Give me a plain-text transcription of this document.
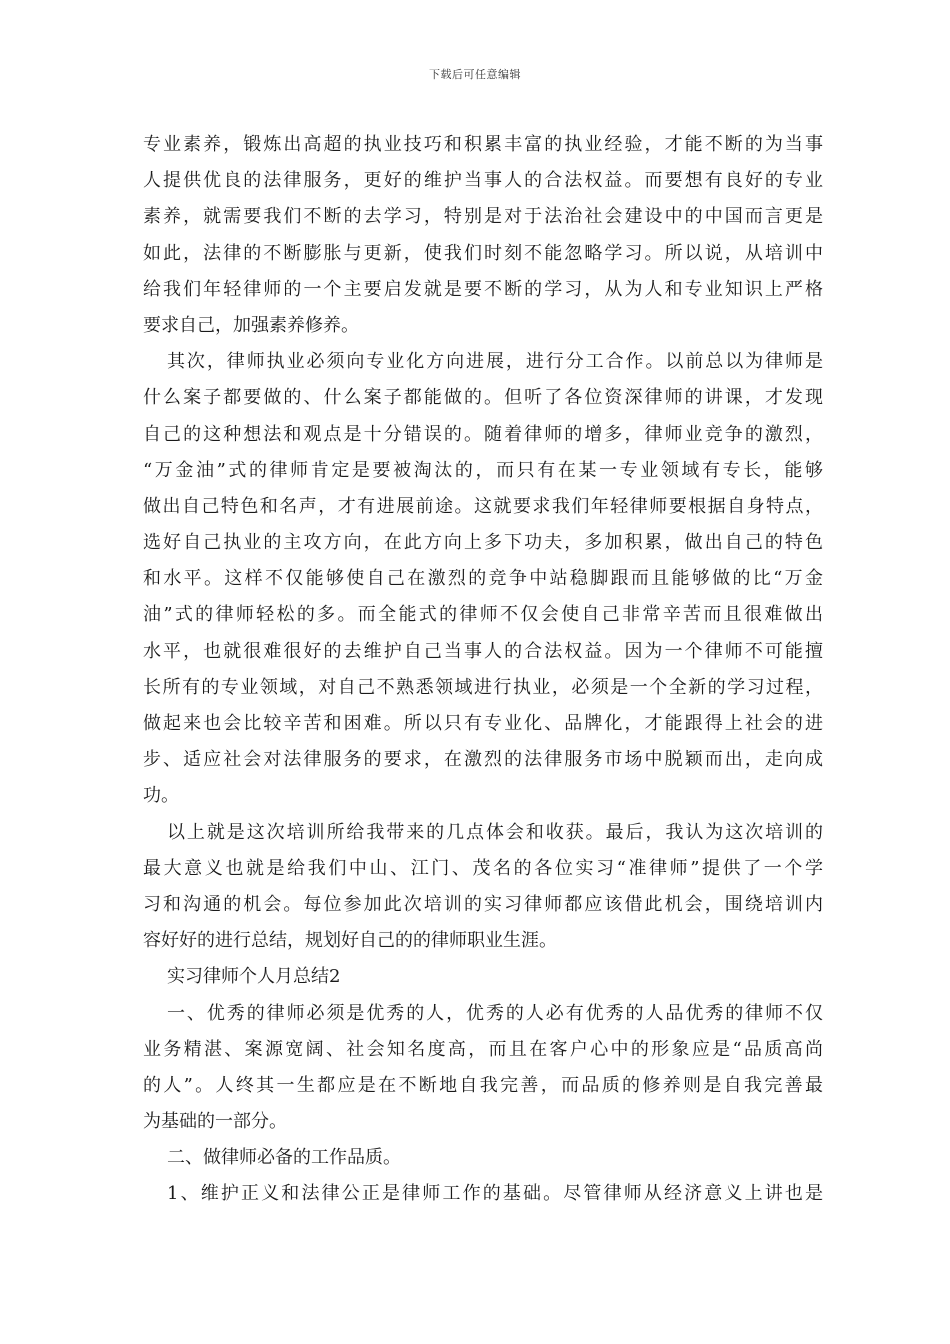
下载后可任意编辑
专业素养，锻炼出高超的执业技巧和积累丰富的执业经验，才能不断的为当事
人提供优良的法律服务，更好的维护当事人的合法权益。而要想有良好的专业
素养，就需要我们不断的去学习，特别是对于法治社会建设中的中国而言更是
如此，法律的不断膨胀与更新，使我们时刻不能忽略学习。所以说，从培训中
给我们年轻律师的一个主要启发就是要不断的学习，从为人和专业知识上严格
要求自己，加强素养修养。
其次，律师执业必须向专业化方向进展，进行分工合作。以前总以为律师是
什么案子都要做的、什么案子都能做的。但听了各位资深律师的讲课，才发现
自己的这种想法和观点是十分错误的。随着律师的增多，律师业竞争的激烈，
“万金油”式的律师肯定是要被淘汰的，而只有在某一专业领域有专长，能够
做出自己特色和名声，才有进展前途。这就要求我们年轻律师要根据自身特点，
选好自己执业的主攻方向，在此方向上多下功夫，多加积累，做出自己的特色
和水平。这样不仅能够使自己在激烈的竞争中站稳脚跟而且能够做的比“万金
油”式的律师轻松的多。而全能式的律师不仅会使自己非常辛苦而且很难做出
水平，也就很难很好的去维护自己当事人的合法权益。因为一个律师不可能擅
长所有的专业领域，对自己不熟悉领域进行执业，必须是一个全新的学习过程，
做起来也会比较辛苦和困难。所以只有专业化、品牌化，才能跟得上社会的进
步、适应社会对法律服务的要求，在激烈的法律服务市场中脱颖而出，走向成
功。
以上就是这次培训所给我带来的几点体会和收获。最后，我认为这次培训的
最大意义也就是给我们中山、江门、茂名的各位实习“准律师”提供了一个学
习和沟通的机会。每位参加此次培训的实习律师都应该借此机会，围绕培训内
容好好的进行总结，规划好自己的的律师职业生涯。
实习律师个人月总结2
一、优秀的律师必须是优秀的人，优秀的人必有优秀的人品优秀的律师不仅
业务精湛、案源宽阔、社会知名度高，而且在客户心中的形象应是“品质高尚
的人”。人终其一生都应是在不断地自我完善，而品质的修养则是自我完善最
为基础的一部分。
二、做律师必备的工作品质。
1、维护正义和法律公正是律师工作的基础。尽管律师从经济意义上讲也是
